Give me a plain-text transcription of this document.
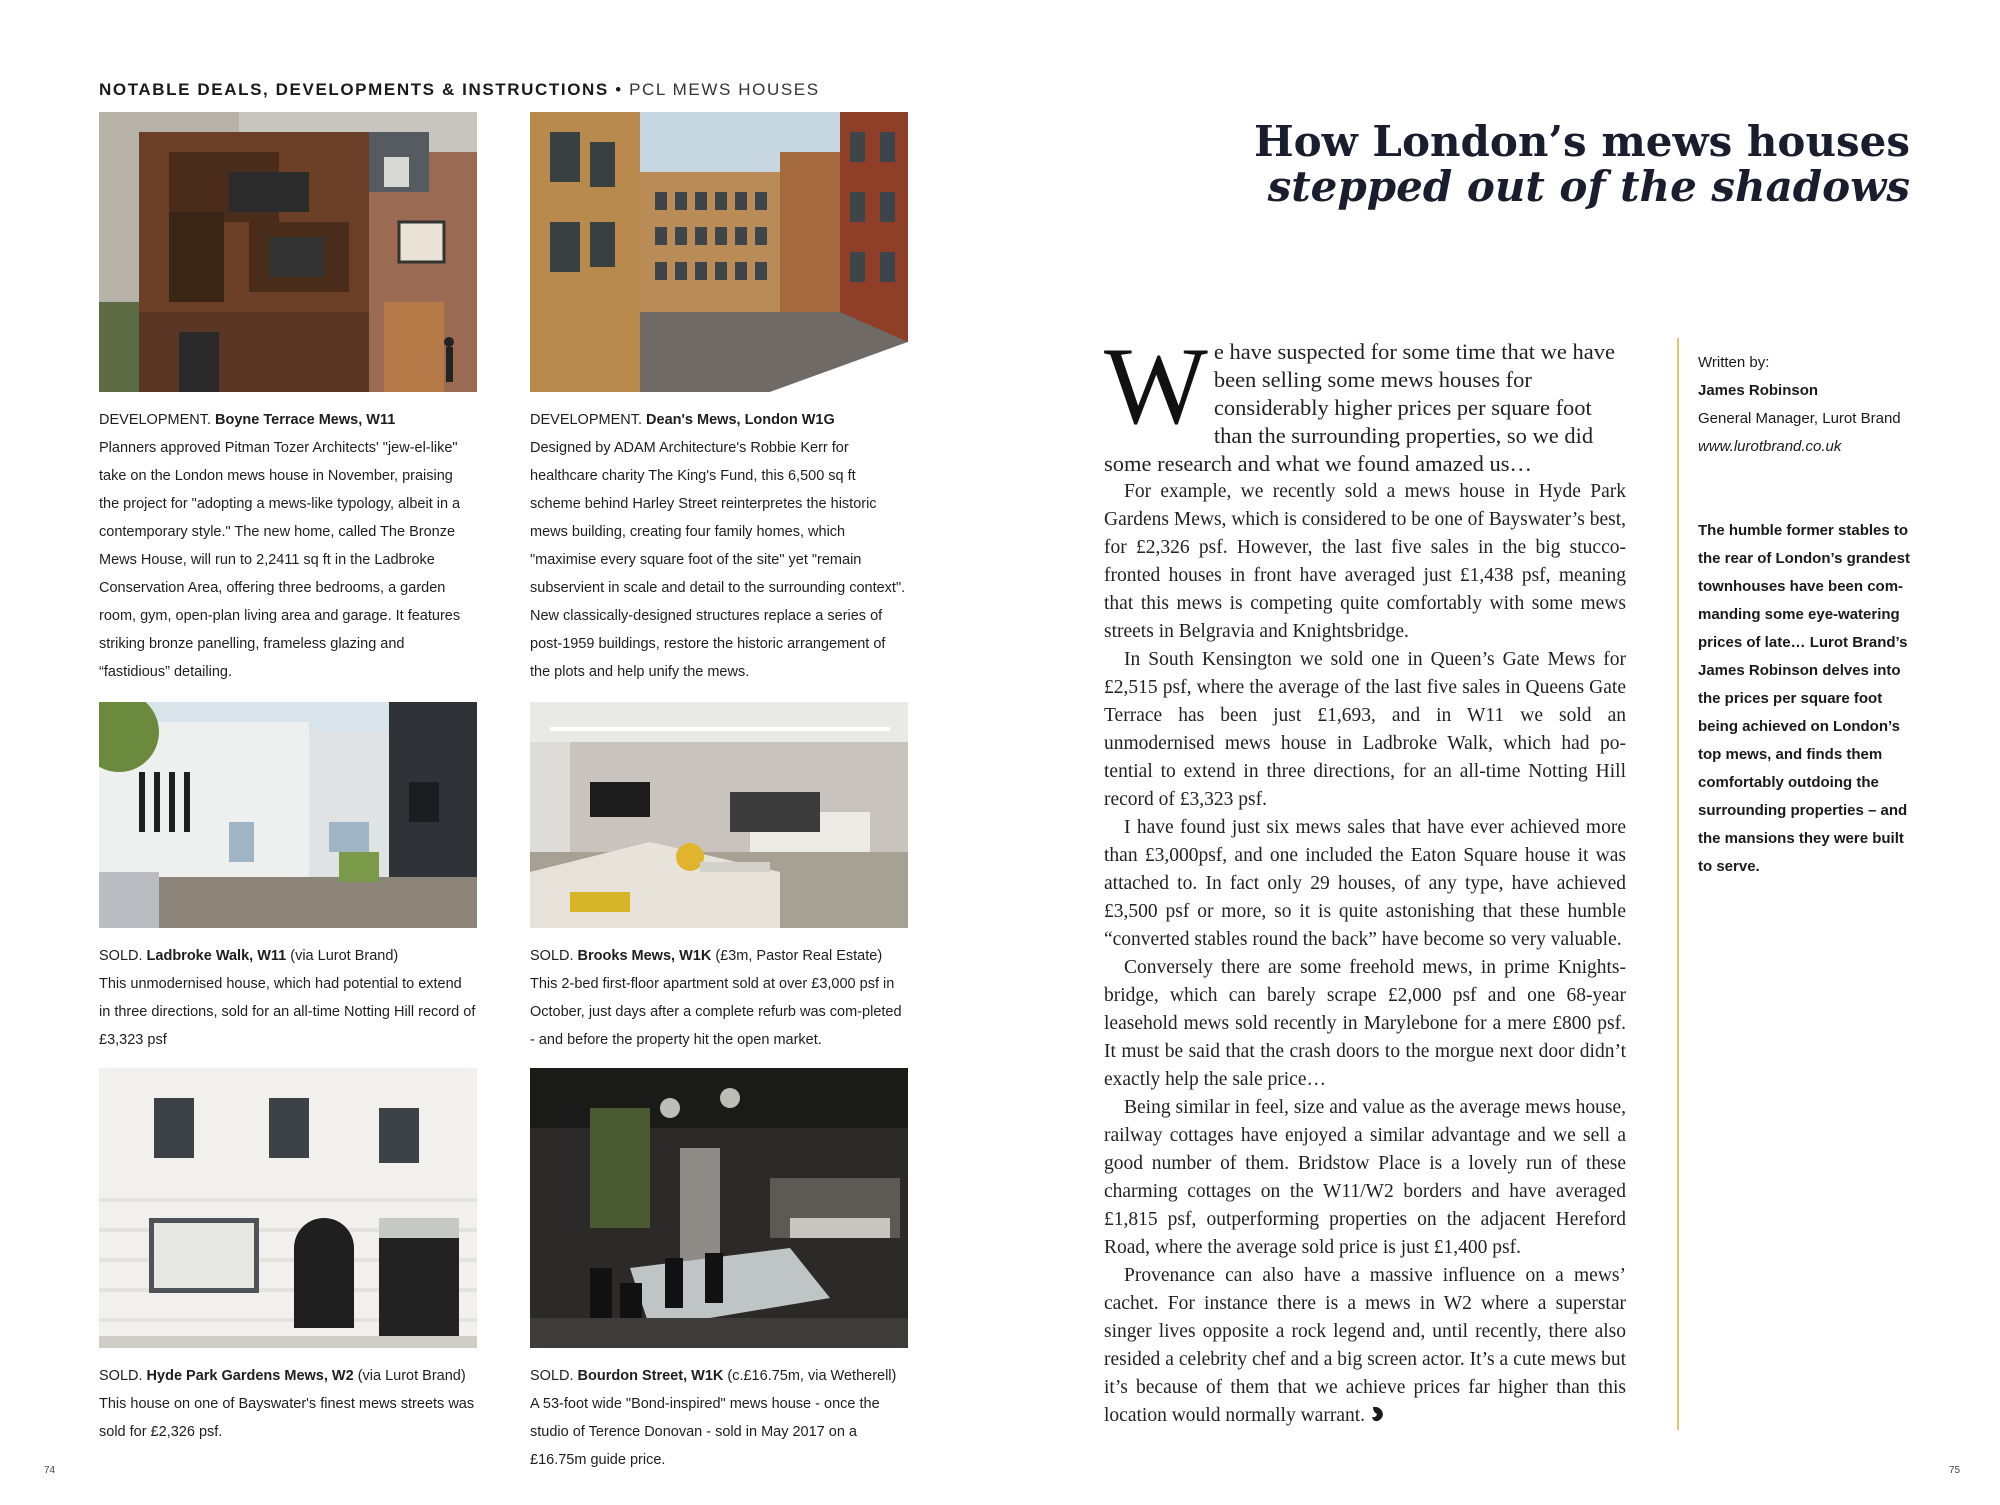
NOTABLE DEALS, DEVELOPMENTS & INSTRUCTIONS • PCL MEWS HOUSES
DEVELOPMENT. Boyne Terrace Mews, W11
Planners approved Pitman Tozer Architects' "jew-el-like" take on the London mews house in November, praising the project for "adopting a mews-like typology, albeit in a contemporary style." The new home, called The Bronze Mews House, will run to 2,2411 sq ft in the Ladbroke Conservation Area, offering three bedrooms, a garden room, gym, open-plan living area and garage. It features striking bronze panelling, frameless glazing and “fastidious” detailing.
DEVELOPMENT. Dean's Mews, London W1G
Designed by ADAM Architecture's Robbie Kerr for healthcare charity The King's Fund, this 6,500 sq ft scheme behind Harley Street reinterpretes the historic mews building, creating four family homes, which "maximise every square foot of the site" yet "remain subservient in scale and detail to the surrounding context". New classically-designed structures replace a series of post-1959 buildings, restore the historic arrangement of the plots and help unify the mews.
SOLD. Ladbroke Walk, W11 (via Lurot Brand)
This unmodernised house, which had potential to extend in three directions, sold for an all-time Notting Hill record of £3,323 psf
SOLD. Brooks Mews, W1K (£3m, Pastor Real Estate)
This 2-bed first-floor apartment sold at over £3,000 psf in October, just days after a complete refurb was com-pleted - and before the property hit the open market.
SOLD. Hyde Park Gardens Mews, W2 (via Lurot Brand)
This house on one of Bayswater's finest mews streets was sold for £2,326 psf.
SOLD. Bourdon Street, W1K (c.£16.75m, via Wetherell)
A 53-foot wide "Bond-inspired" mews house - once the studio of Terence Donovan - sold in May 2017 on a £16.75m guide price.
74	75
How London’s mews houses
stepped out of the shadows
W e have suspected for some time that we have been selling some mews houses for considerably higher prices per square foot than the surrounding properties, so we did some research and what we found amazed us…

For example, we recently sold a mews house in Hyde Park Gardens Mews, which is considered to be one of Bayswater’s best, for £2,326 psf. However, the last five sales in the big stucco-fronted houses in front have averaged just £1,438 psf, meaning that this mews is competing quite comfortably with some mews streets in Belgravia and Knightsbridge.

In South Kensington we sold one in Queen’s Gate Mews for £2,515 psf, where the average of the last five sales in Queens Gate Terrace has been just £1,693, and in W11 we sold an unmodernised mews house in Ladbroke Walk, which had po-tential to extend in three directions, for an all-time Notting Hill record of £3,323 psf.

I have found just six mews sales that have ever achieved more than £3,000psf, and one included the Eaton Square house it was attached to. In fact only 29 houses, of any type, have achieved £3,500 psf or more, so it is quite astonishing that these humble “converted stables round the back” have become so very valuable.

Conversely there are some freehold mews, in prime Knights-bridge, which can barely scrape £2,000 psf and one 68-year leasehold mews sold recently in Marylebone for a mere £800 psf. It must be said that the crash doors to the morgue next door didn’t exactly help the sale price…

Being similar in feel, size and value as the average mews house, railway cottages have enjoyed a similar advantage and we sell a good number of them. Bridstow Place is a lovely run of these charming cottages on the W11/W2 borders and have averaged £1,815 psf, outperforming properties on the adjacent Hereford Road, where the average sold price is just £1,400 psf.

Provenance can also have a massive influence on a mews’ cachet. For instance there is a mews in W2 where a superstar singer lives opposite a rock legend and, until recently, there also resided a celebrity chef and a big screen actor. It’s a cute mews but it’s because of them that we achieve prices far higher than this location would normally warrant.

Written by:
James Robinson
General Manager, Lurot Brand
www.lurotbrand.co.uk
The humble former stables to the rear of London’s grandest townhouses have been com-manding some eye-watering prices of late… Lurot Brand’s James Robinson delves into the prices per square foot being achieved on London’s top mews, and finds them comfortably outdoing the surrounding properties – and the mansions they were built to serve.
